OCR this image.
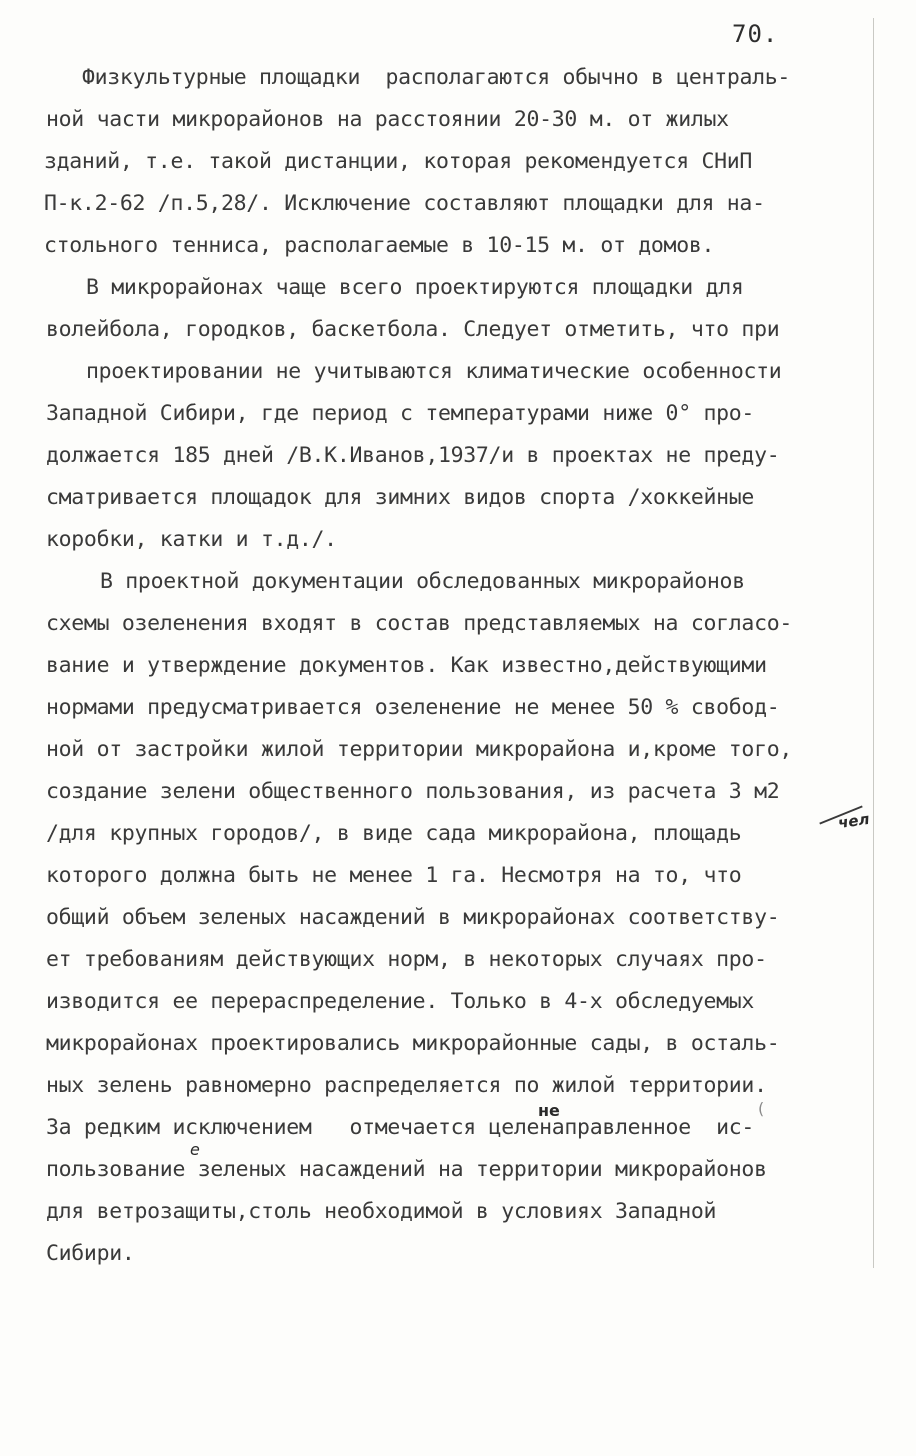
70.
Физкультурные площадки  располагаются обычно в централь-
ной части микрорайонов на расстоянии 20-30 м. от жилых
зданий, т.е. такой дистанции, которая рекомендуется СНиП
П-к.2-62 /п.5,28/. Исключение составляют площадки для на-
стольного тенниса, располагаемые в 10-15 м. от домов.
В микрорайонах чаще всего проектируются площадки для
волейбола, городков, баскетбола. Следует отметить, что при
проектировании не учитываются климатические особенности
Западной Сибири, где период с температурами ниже 0° про-
должается 185 дней /В.К.Иванов,1937/и в проектах не преду-
сматривается площадок для зимних видов спорта /хоккейные
коробки, катки и т.д./.
В проектной документации обследованных микрорайонов
схемы озеленения входят в состав представляемых на согласо-
вание и утверждение документов. Как известно,действующими
нормами предусматривается озеленение не менее 50 % свобод-
ной от застройки жилой территории микрорайона и,кроме того,
создание зелени общественного пользования, из расчета 3 м2
/для крупных городов/, в виде сада микрорайона, площадь
которого должна быть не менее 1 га. Несмотря на то, что
общий объем зеленых насаждений в микрорайонах соответству-
ет требованиям действующих норм, в некоторых случаях про-
изводится ее перераспределение. Только в 4-х обследуемых
микрорайонах проектировались микрорайонные сады, в осталь-
ных зелень равномерно распределяется по жилой территории.
За редким исключением   отмечается целенаправленное  ис-
пользование зеленых насаждений на территории микрорайонов
для ветрозащиты,столь необходимой в условиях Западной
Сибири.
не
чел
е
(
